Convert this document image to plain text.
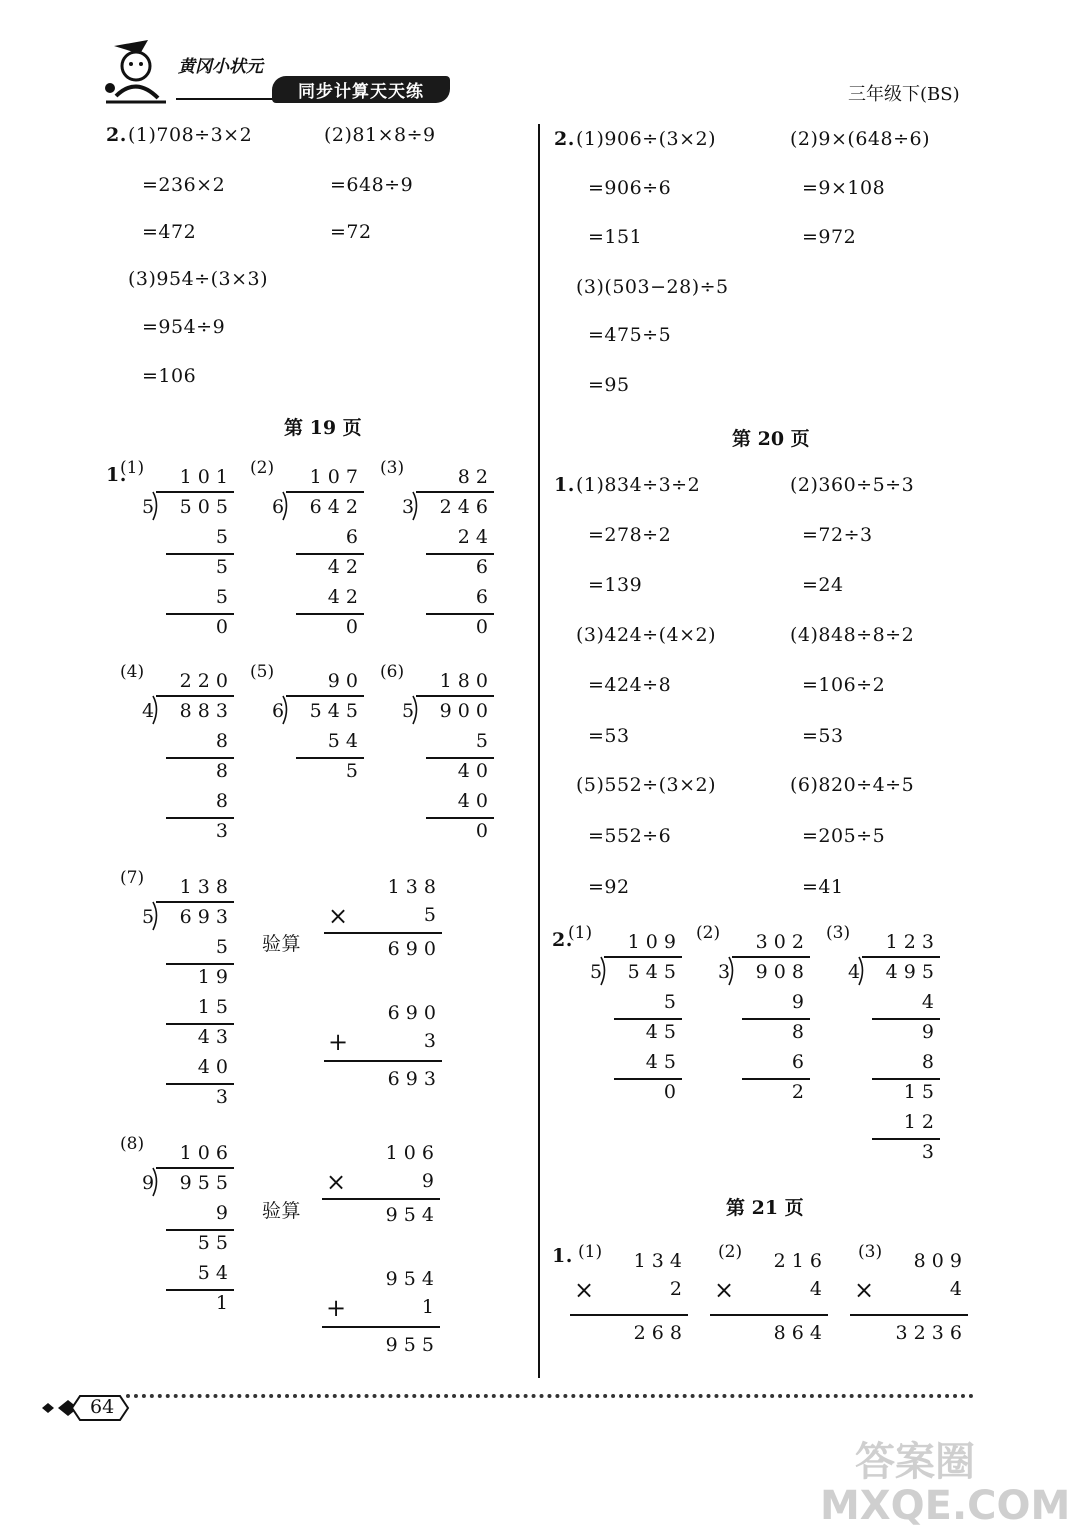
黄冈小状元
同步计算天天练	三年级下(BS)
2. (1)708÷3×2
=236×2
=472
(2)81×8÷9
=648÷9
=72
(3)954÷(3×3)
=954÷9
=106
第 19 页
1.
(1) 1 0 1
5 5 0 5
5
5
5
0
(2) 1 0 7
6 6 4 2
6
4 2
4 2
0
(3)	8 2
3 2 4 6
2 4
6
6
0
(4) 2 2 0
4 8 8 3
8
8
8
3
(5)	9 0
6 5 4 5
5 4
5
(6) 1 8 0
5 9 0 0
5
4 0
4 0
0
(7) 1 3 8
5 6 9 3
5
1 9
1 5
4 3
4 0
3
(8) 1 0 6
9 9 5 5
9
5 5
5 4
1
验算
验算
1 3 8
×	5
6 9 0
6 9 0
+	3
6 9 3
1 0 6
×	9
9 5 4
9 5 4
+	1
9 5 5
2. (1)906÷(3×2)
=906÷6
=151
(2)9×(648÷6)
=9×108
=972
(3)(503−28)÷5
=475÷5
=95
第 20 页
1. (1)834÷3÷2
=278÷2
=139
(2)360÷5÷3
=72÷3
=24
(3)424÷(4×2)
=424÷8
=53
(4)848÷8÷2
=106÷2
=53
(5)552÷(3×2)
=552÷6
=92
(6)820÷4÷5
=205÷5
=41
2.
(1) 1 0 9
5 5 4 5
5
4 5
4 5
0
(2) 3 0 2
3 9 0 8
9
8
6
2
(3) 1 2 3
4 4 9 5
4
9
8
1 5
1 2
3
第 21 页
1. (1) 1 3 4
×	2
2 6 8
(2) 2 1 6
×	4
8 6 4
(3) 8 0 9
×	4
3 2 3 6
64
答案圈 MXQE.COM
